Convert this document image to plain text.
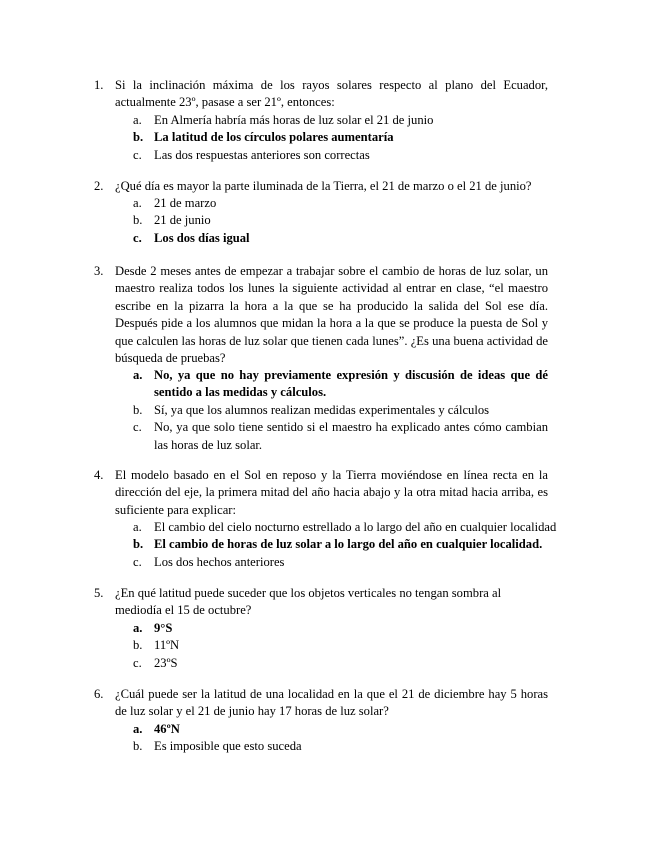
1. Si la inclinación máxima de los rayos solares respecto al plano del Ecuador, actualmente 23º, pasase a ser 21º, entonces:

a. En Almería habría más horas de luz solar el 21 de junio
b. La latitud de los círculos polares aumentaría
c. Las dos respuestas anteriores son correctas
2. ¿Qué día es mayor la parte iluminada de la Tierra, el 21 de marzo o el 21 de junio?

a. 21 de marzo
b. 21 de junio
c. Los dos días igual
3. Desde 2 meses antes de empezar a trabajar sobre el cambio de horas de luz solar, un maestro realiza todos los lunes la siguiente actividad al entrar en clase, “el maestro escribe en la pizarra la hora a la que se ha producido la salida del Sol ese día. Después pide a los alumnos que midan la hora a la que se produce la puesta de Sol y que calculen las horas de luz solar que tienen cada lunes”. ¿Es una buena actividad de búsqueda de pruebas?

a. No, ya que no hay previamente expresión y discusión de ideas que dé sentido a las medidas y cálculos.
b. Sí, ya que los alumnos realizan medidas experimentales y cálculos
c. No, ya que solo tiene sentido si el maestro ha explicado antes cómo cambian las horas de luz solar.
4. El modelo basado en el Sol en reposo y la Tierra moviéndose en línea recta en la dirección del eje, la primera mitad del año hacia abajo y la otra mitad hacia arriba, es suficiente para explicar:

a. El cambio del cielo nocturno estrellado a lo largo del año en cualquier localidad
b. El cambio de horas de luz solar a lo largo del año en cualquier localidad.
c. Los dos hechos anteriores
5. ¿En qué latitud puede suceder que los objetos verticales no tengan sombra al mediodía el 15 de octubre?

a. 9°S
b. 11ºN
c. 23ºS
6. ¿Cuál puede ser la latitud de una localidad en la que el 21 de diciembre hay 5 horas de luz solar y el 21 de junio hay 17 horas de luz solar?

a. 46ºN
b. Es imposible que esto suceda
